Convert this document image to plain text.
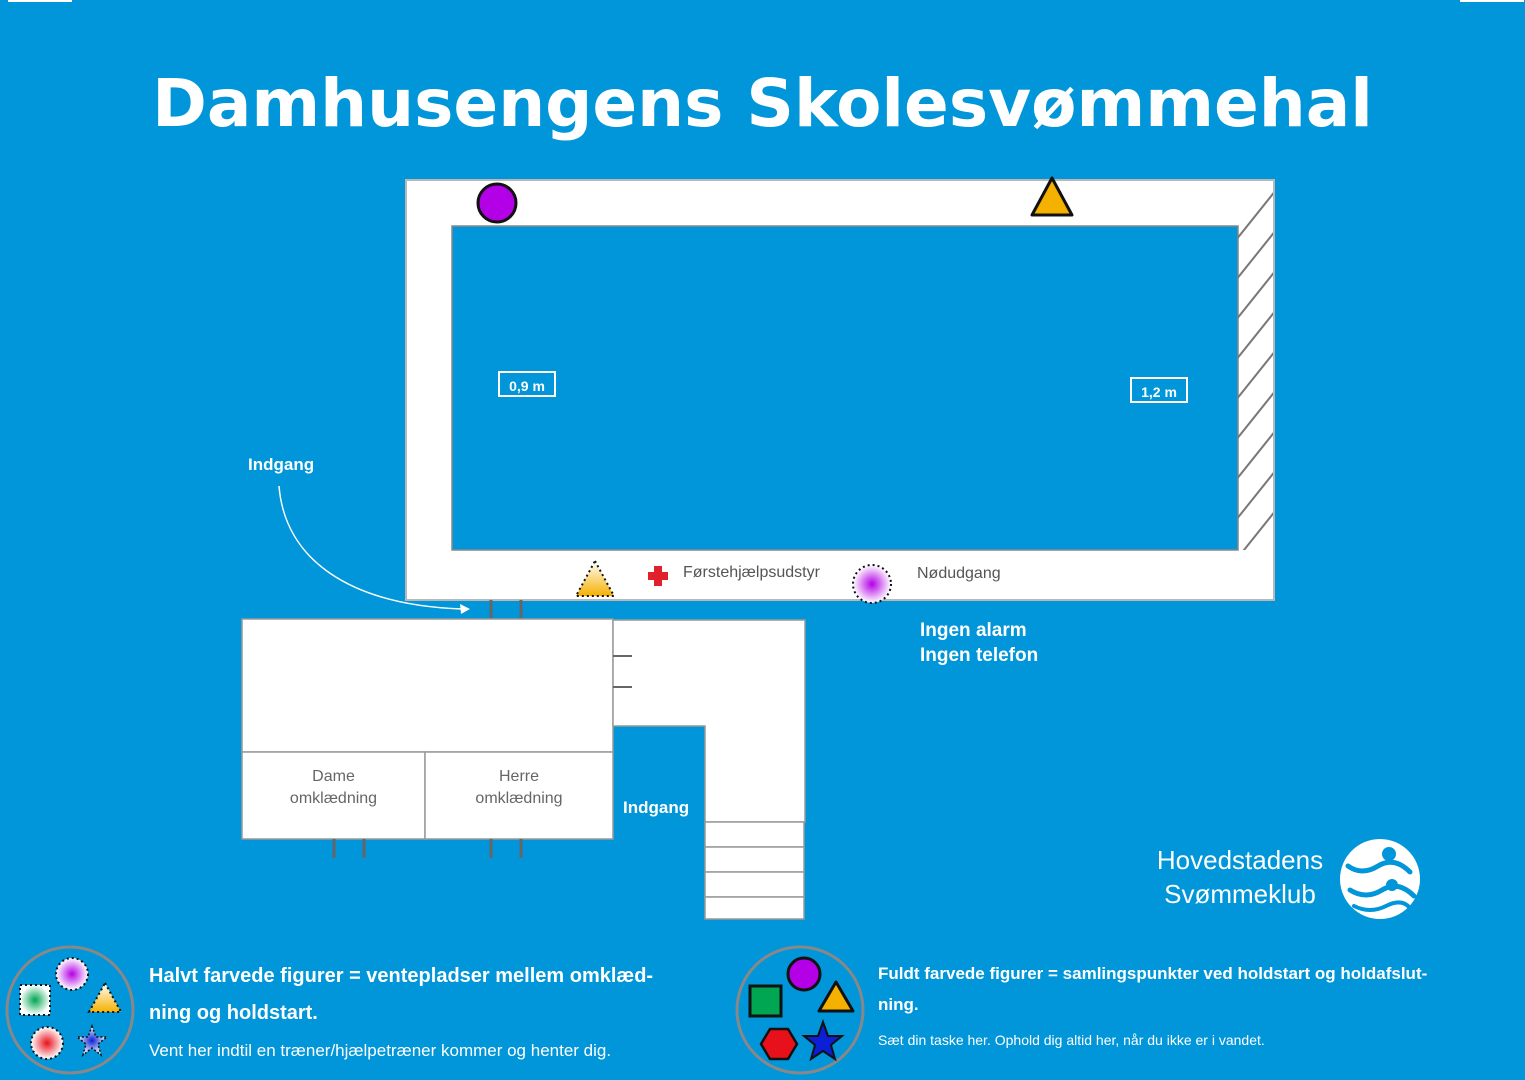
Damhusengens Skolesvømmehal
0,9 m	1,2 m
Indgang
Indgang
Førstehjælpsudstyr	Nødudgang
Ingen alarm
Ingen telefon
Dame
omklædning
Herre
omklædning
Hovedstadens
Svømmeklub
Halvt farvede figurer = ventepladser mellem omklæd-
ning og holdstart.
Vent her indtil en træner/hjælpetræner kommer og henter dig.
Fuldt farvede figurer = samlingspunkter ved holdstart og holdafslut-
ning.
Sæt din taske her. Ophold dig altid her, når du ikke er i vandet.
